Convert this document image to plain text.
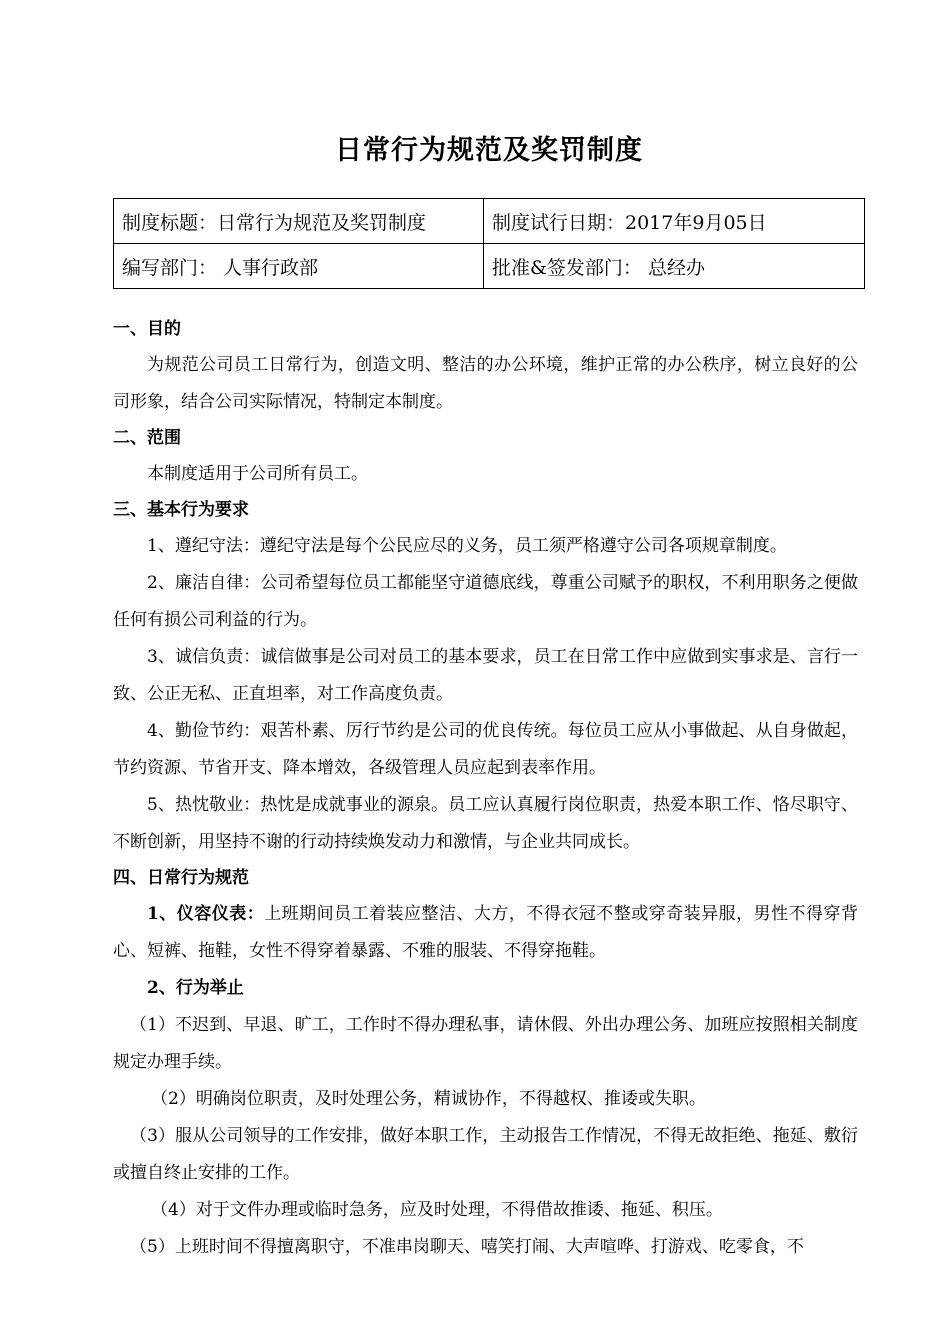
日常行为规范及奖罚制度
制度标题：日常行为规范及奖罚制度	制度试行日期：2017年9月05日
编写部门： 人事行政部	批准&签发部门： 总经办
一、目的

为规范公司员工日常行为，创造文明、整洁的办公环境，维护正常的办公秩序，树立良好的公司形象，结合公司实际情况，特制定本制度。

二、范围

本制度适用于公司所有员工。

三、基本行为要求

1、遵纪守法：遵纪守法是每个公民应尽的义务，员工须严格遵守公司各项规章制度。

2、廉洁自律：公司希望每位员工都能坚守道德底线，尊重公司赋予的职权，不利用职务之便做任何有损公司利益的行为。

3、诚信负责：诚信做事是公司对员工的基本要求，员工在日常工作中应做到实事求是、言行一致、公正无私、正直坦率，对工作高度负责。

4、勤俭节约：艰苦朴素、厉行节约是公司的优良传统。每位员工应从小事做起、从自身做起，节约资源、节省开支、降本增效，各级管理人员应起到表率作用。

5、热忱敬业：热忱是成就事业的源泉。员工应认真履行岗位职责，热爱本职工作、恪尽职守、不断创新，用坚持不谢的行动持续焕发动力和激情，与企业共同成长。

四、日常行为规范

1、仪容仪表：上班期间员工着装应整洁、大方，不得衣冠不整或穿奇装异服，男性不得穿背心、短裤、拖鞋，女性不得穿着暴露、不雅的服装、不得穿拖鞋。

2、行为举止

（1）不迟到、早退、旷工，工作时不得办理私事，请休假、外出办理公务、加班应按照相关制度规定办理手续。

（2）明确岗位职责，及时处理公务，精诚协作，不得越权、推诿或失职。

（3）服从公司领导的工作安排，做好本职工作，主动报告工作情况，不得无故拒绝、拖延、敷衍或擅自终止安排的工作。

（4）对于文件办理或临时急务，应及时处理，不得借故推诿、拖延、积压。

（5）上班时间不得擅离职守，不准串岗聊天、嘻笑打闹、大声喧哗、打游戏、吃零食，不
